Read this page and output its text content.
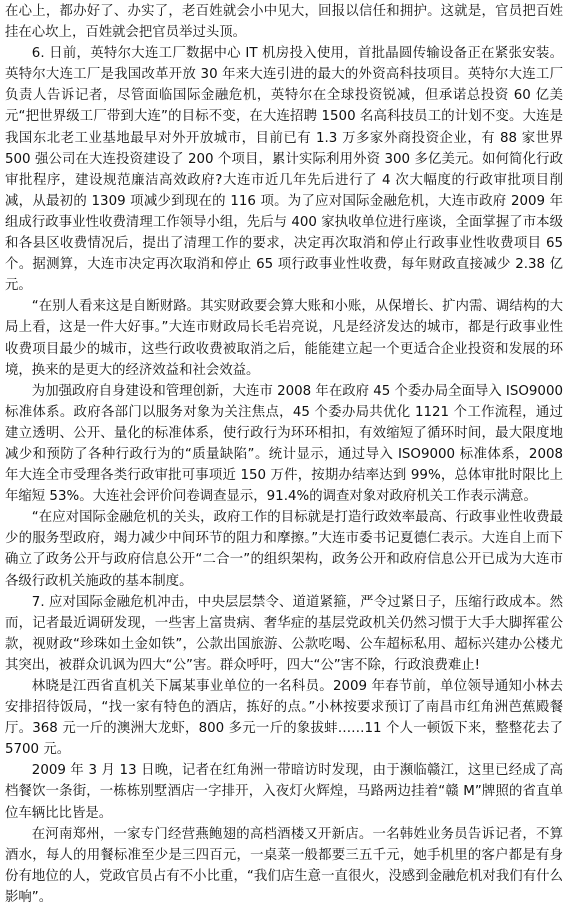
在心上，都办好了、办实了，老百姓就会小中见大，回报以信任和拥护。这就是，官员把百姓挂在心坎上，百姓就会把官员举过头顶。

6. 日前，英特尔大连工厂数据中心 IT 机房投入使用，首批晶圆传输设备正在紧张安装。英特尔大连工厂是我国改革开放 30 年来大连引进的最大的外资高科技项目。英特尔大连工厂负责人告诉记者，尽管面临国际金融危机，英特尔在全球投资锐减，但承诺总投资 60 亿美元“把世界级工厂带到大连”的目标不变，在大连招聘 1500 名高科技员工的计划不变。大连是我国东北老工业基地最早对外开放城市，目前已有 1.3 万多家外商投资企业，有 88 家世界 500 强公司在大连投资建设了 200 个项目，累计实际利用外资 300 多亿美元。如何简化行政审批程序，建设规范廉洁高效政府?大连市近几年先后进行了 4 次大幅度的行政审批项目削减，从最初的 1309 项减少到现在的 116 项。为了应对国际金融危机，大连市政府 2009 年组成行政事业性收费清理工作领导小组，先后与 400 家执收单位进行座谈，全面掌握了市本级和各县区收费情况后，提出了清理工作的要求，决定再次取消和停止行政事业性收费项目 65 个。据测算，大连市决定再次取消和停止 65 项行政事业性收费，每年财政直接减少 2.38 亿元。

“在别人看来这是自断财路。其实财政要会算大账和小账，从保增长、扩内需、调结构的大局上看，这是一件大好事。”大连市财政局长毛岩亮说，凡是经济发达的城市，都是行政事业性收费项目最少的城市，这些行政收费被取消之后，能能建立起一个更适合企业投资和发展的环境，换来的是更大的经济效益和社会效益。

为加强政府自身建设和管理创新，大连市 2008 年在政府 45 个委办局全面导入 ISO9000 标准体系。政府各部门以服务对象为关注焦点，45 个委办局共优化 1121 个工作流程，通过建立透明、公开、量化的标准体系，使行政行为环环相扣，有效缩短了循环时间，最大限度地减少和预防了各种行政行为的“质量缺陷”。统计显示，通过导入 ISO9000 标准体系，2008 年大连全市受理各类行政审批可事项近 150 万件，按期办结率达到 99%，总体审批时限比上年缩短 53%。大连社会评价问卷调查显示，91.4%的调查对象对政府机关工作表示满意。

“在应对国际金融危机的关头，政府工作的目标就是打造行政效率最高、行政事业性收费最少的服务型政府，竭力减少中间环节的阻力和摩擦。”大连市委书记夏德仁表示。大连自上而下确立了政务公开与政府信息公开“二合一”的组织架构，政务公开和政府信息公开已成为大连市各级行政机关施政的基本制度。

7. 应对国际金融危机冲击，中央层层禁令、道道紧箍，严令过紧日子，压缩行政成本。然而，记者最近调研发现，一些害上富贵病、奢华症的基层党政机关仍然习惯于大手大脚挥霍公款，视财政“珍珠如土金如铁”，公款出国旅游、公款吃喝、公车超标私用、超标兴建办公楼尤其突出，被群众讥讽为四大“公”害。群众呼吁，四大“公”害不除，行政浪费难止!

林晓是江西省直机关下属某事业单位的一名科员。2009 年春节前，单位领导通知小林去安排招待饭局，“找一家有特色的酒店，拣好的点。”小林按要求预订了南昌市红角洲芭蕉殿餐厅。368 元一斤的澳洲大龙虾，800 多元一斤的象拔蚌……11 个人一顿饭下来，整整花去了 5700 元。

2009 年 3 月 13 日晚，记者在红角洲一带暗访时发现，由于濒临赣江，这里已经成了高档餐饮一条街，一栋栋别墅酒店一字排开，入夜灯火辉煌，马路两边挂着“赣 M”牌照的省直单位车辆比比皆是。

在河南郑州，一家专门经营燕鲍翅的高档酒楼又开新店。一名韩姓业务员告诉记者，不算酒水，每人的用餐标准至少是三四百元，一桌菜一般都要三五千元，她手机里的客户都是有身份有地位的人，党政官员占有不小比重，“我们店生意一直很火，没感到金融危机对我们有什么影响”。
